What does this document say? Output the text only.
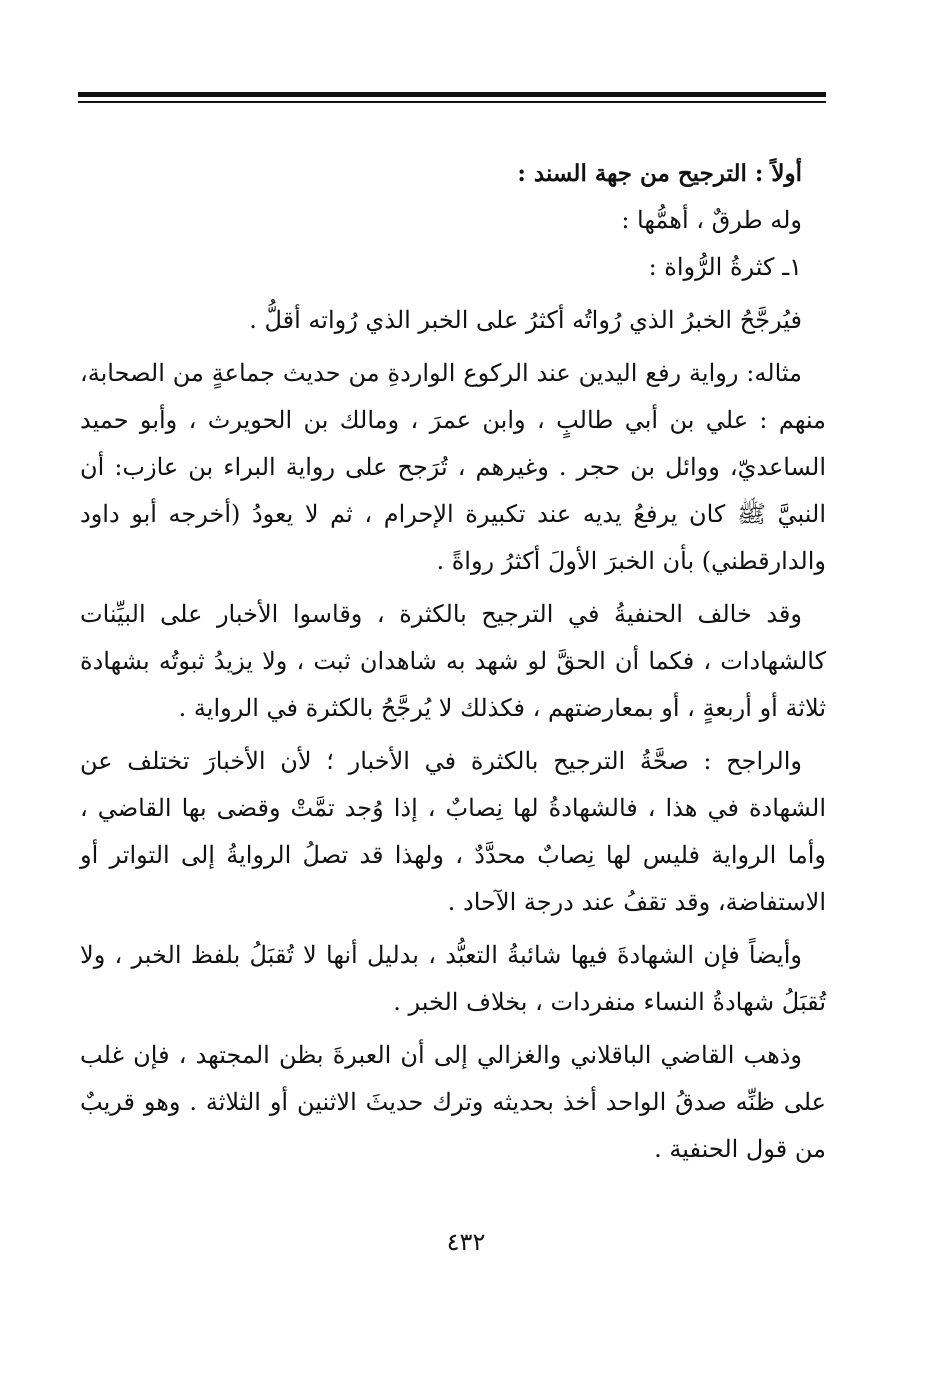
أولاً : الترجيح من جهة السند :

وله طرقٌ ، أهمُّها :

١ـ كثرةُ الرُّواة :

فيُرجَّحُ الخبرُ الذي رُواتُه أكثرُ على الخبر الذي رُواته أقلُّ .

مثاله: رواية رفع اليدين عند الركوع الواردةِ من حديث جماعةٍ من الصحابة، منهم : علي بن أبي طالبٍ ، وابن عمرَ ، ومالك بن الحويرث ، وأبو حميد الساعديّ، ووائل بن حجر . وغيرهم ، تُرَجح على رواية البراء بن عازب: أن النبيَّ ﷺ كان يرفعُ يديه عند تكبيرة الإحرام ، ثم لا يعودُ (أخرجه أبو داود والدارقطني) بأن الخبرَ الأولَ أكثرُ رواةً .

وقد خالف الحنفيةُ في الترجيح بالكثرة ، وقاسوا الأخبار على البيِّنات كالشهادات ، فكما أن الحقَّ لو شهد به شاهدان ثبت ، ولا يزيدُ ثبوتُه بشهادة ثلاثة أو أربعةٍ ، أو بمعارضتهم ، فكذلك لا يُرجَّحُ بالكثرة في الرواية .

والراجح : صحَّةُ الترجيح بالكثرة في الأخبار ؛ لأن الأخبارَ تختلف عن الشهادة في هذا ، فالشهادةُ لها نِصابٌ ، إذا وُجد تمَّتْ وقضى بها القاضي ، وأما الرواية فليس لها نِصابٌ محدَّدٌ ، ولهذا قد تصلُ الروايةُ إلى التواتر أو الاستفاضة، وقد تقفُ عند درجة الآحاد .

وأيضاً فإن الشهادةَ فيها شائبةُ التعبُّد ، بدليل أنها لا تُقبَلُ بلفظ الخبر ، ولا تُقبَلُ شهادةُ النساء منفردات ، بخلاف الخبر .

وذهب القاضي الباقلاني والغزالي إلى أن العبرةَ بظن المجتهد ، فإن غلب على ظنِّه صدقُ الواحد أخذ بحديثه وترك حديثَ الاثنين أو الثلاثة . وهو قريبٌ من قول الحنفية .

٤٣٢
